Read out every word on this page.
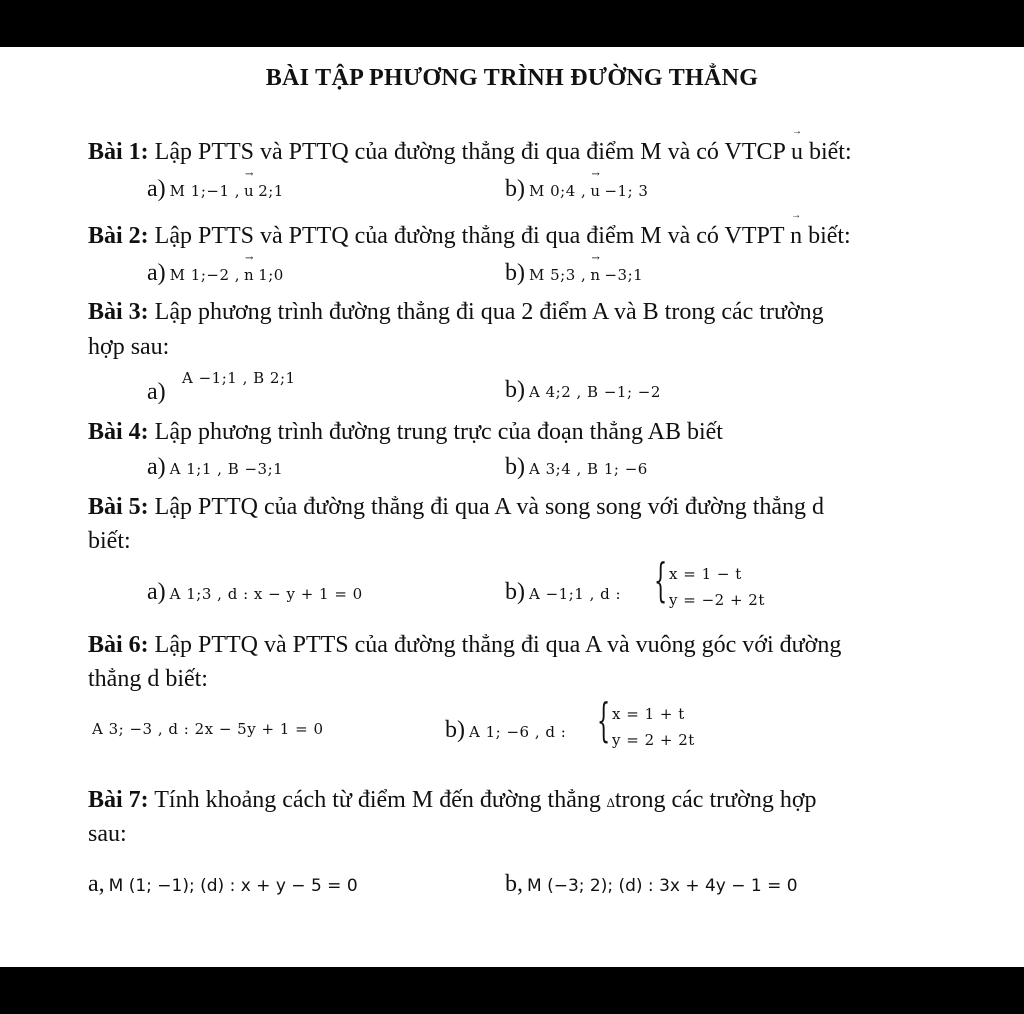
BÀI TẬP PHƯƠNG TRÌNH ĐƯỜNG THẲNG
Bài 1: Lập PTTS và PTTQ của đường thẳng đi qua điểm M và có VTCP → u biết:
a) M 1;−1 , → u 2;1	b) M 0;4 , → u −1; 3
Bài 2: Lập PTTS và PTTQ của đường thẳng đi qua điểm M và có VTPT → n biết:
a) M 1;−2 , → n 1;0	b) M 5;3 , → n −3;1
Bài 3: Lập phương trình đường thẳng đi qua 2 điểm A và B trong các trường
hợp sau:
a)
A −1;1 , B 2;1	b) A 4;2 , B −1; −2
Bài 4: Lập phương trình đường trung trực của đoạn thẳng AB biết
a) A 1;1 , B −3;1	b) A 3;4 , B 1; −6
Bài 5: Lập PTTQ của đường thẳng đi qua A và song song với đường thẳng d
biết:
a) A 1;3 , d : x − y + 1 = 0	b) A −1;1 , d : { x = 1 − t
y = −2 + 2t
Bài 6: Lập PTTQ và PTTS của đường thẳng đi qua A và vuông góc với đường
thẳng d biết:
A 3; −3 , d : 2x − 5y + 1 = 0	b) A 1; −6 , d : { x = 1 + t
y = 2 + 2t
Bài 7: Tính khoảng cách từ điểm M đến đường thẳng ∆trong các trường hợp
sau:
a, M (1; −1); (d) : x + y − 5 = 0	b, M (−3; 2); (d) : 3x + 4y − 1 = 0
